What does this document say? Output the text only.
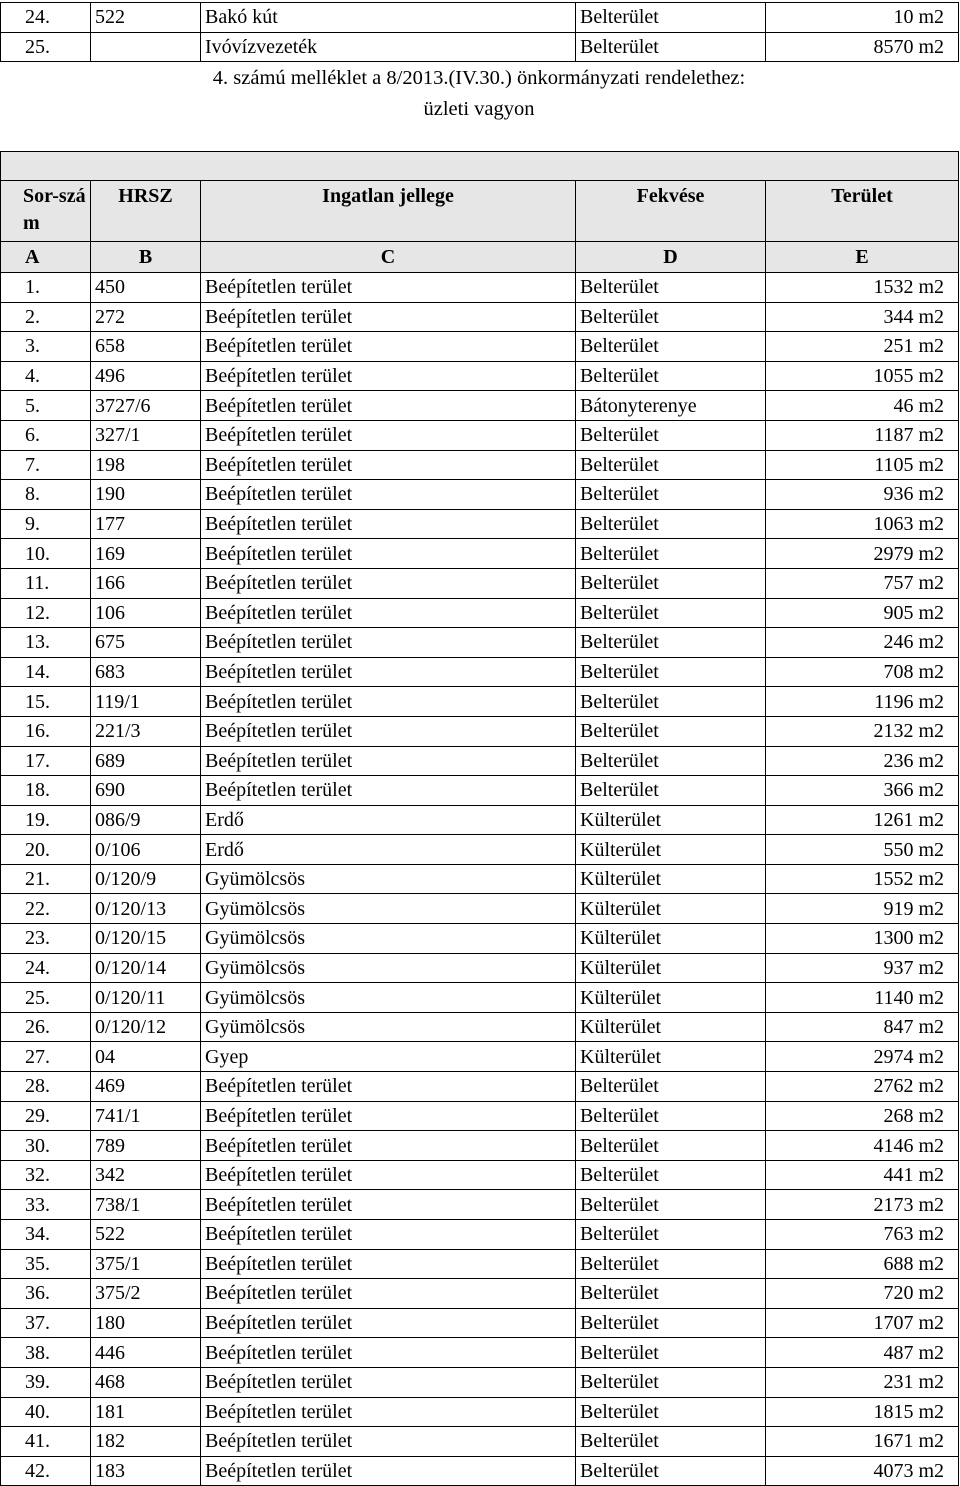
24.	522	Bakó kút	Belterület	10 m2
25.		Ivóvízvezeték	Belterület	8570 m2
4. számú melléklet a 8/2013.(IV.30.) önkormányzati rendelethez:
üzleti vagyon

Sor-szám	HRSZ	Ingatlan jellege	Fekvése	Terület
A	B	C	D	E
1.	450	Beépítetlen terület	Belterület	1532 m2
2.	272	Beépítetlen terület	Belterület	344 m2
3.	658	Beépítetlen terület	Belterület	251 m2
4.	496	Beépítetlen terület	Belterület	1055 m2
5.	3727/6	Beépítetlen terület	Bátonyterenye	46 m2
6.	327/1	Beépítetlen terület	Belterület	1187 m2
7.	198	Beépítetlen terület	Belterület	1105 m2
8.	190	Beépítetlen terület	Belterület	936 m2
9.	177	Beépítetlen terület	Belterület	1063 m2
10.	169	Beépítetlen terület	Belterület	2979 m2
11.	166	Beépítetlen terület	Belterület	757 m2
12.	106	Beépítetlen terület	Belterület	905 m2
13.	675	Beépítetlen terület	Belterület	246 m2
14.	683	Beépítetlen terület	Belterület	708 m2
15.	119/1	Beépítetlen terület	Belterület	1196 m2
16.	221/3	Beépítetlen terület	Belterület	2132 m2
17.	689	Beépítetlen terület	Belterület	236 m2
18.	690	Beépítetlen terület	Belterület	366 m2
19.	086/9	Erdő	Külterület	1261 m2
20.	0/106	Erdő	Külterület	550 m2
21.	0/120/9	Gyümölcsös	Külterület	1552 m2
22.	0/120/13	Gyümölcsös	Külterület	919 m2
23.	0/120/15	Gyümölcsös	Külterület	1300 m2
24.	0/120/14	Gyümölcsös	Külterület	937 m2
25.	0/120/11	Gyümölcsös	Külterület	1140 m2
26.	0/120/12	Gyümölcsös	Külterület	847 m2
27.	04	Gyep	Külterület	2974 m2
28.	469	Beépítetlen terület	Belterület	2762 m2
29.	741/1	Beépítetlen terület	Belterület	268 m2
30.	789	Beépítetlen terület	Belterület	4146 m2
32.	342	Beépítetlen terület	Belterület	441 m2
33.	738/1	Beépítetlen terület	Belterület	2173 m2
34.	522	Beépítetlen terület	Belterület	763 m2
35.	375/1	Beépítetlen terület	Belterület	688 m2
36.	375/2	Beépítetlen terület	Belterület	720 m2
37.	180	Beépítetlen terület	Belterület	1707 m2
38.	446	Beépítetlen terület	Belterület	487 m2
39.	468	Beépítetlen terület	Belterület	231 m2
40.	181	Beépítetlen terület	Belterület	1815 m2
41.	182	Beépítetlen terület	Belterület	1671 m2
42.	183	Beépítetlen terület	Belterület	4073 m2
